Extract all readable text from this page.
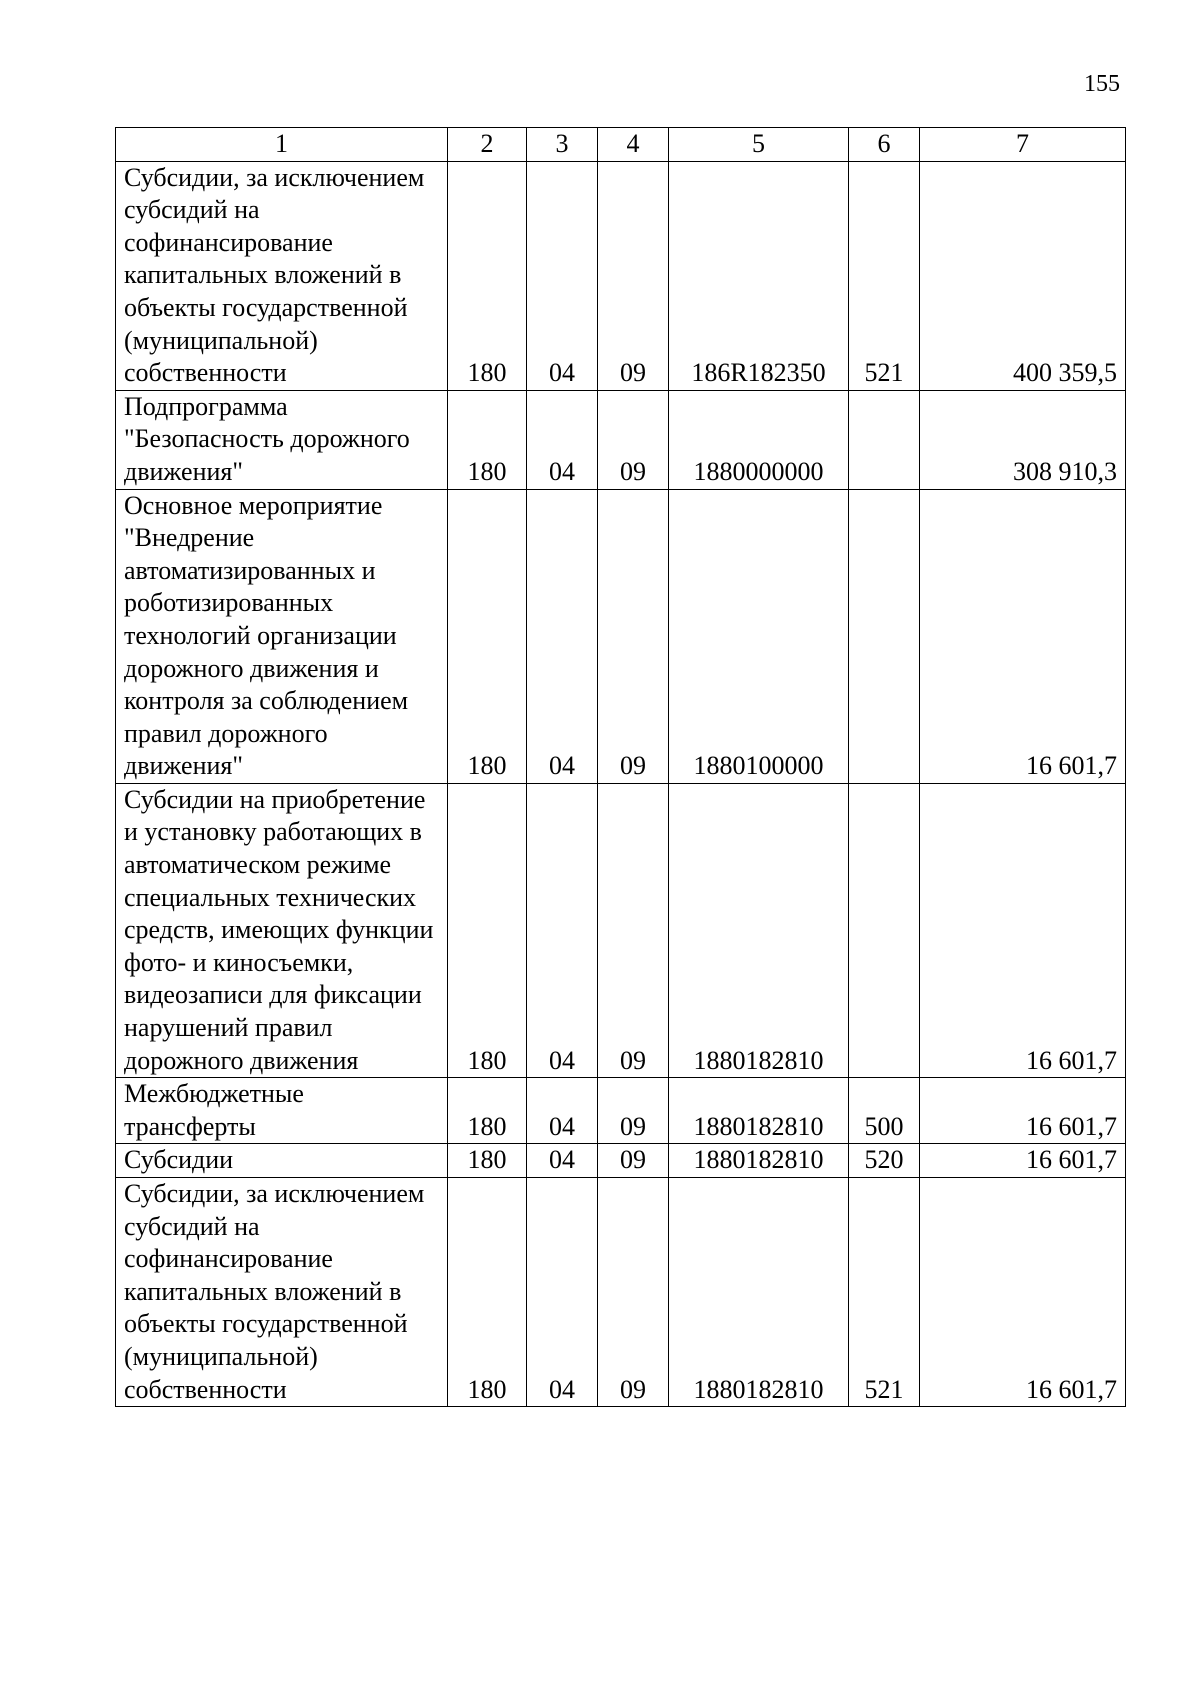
155
1	2	3	4	5	6	7
Субсидии, за исключением субсидий на софинансирование капитальных вложений в объекты государственной (муниципальной) собственности	180	04	09	186R182350	521	400 359,5
Подпрограмма "Безопасность дорожного движения"	180	04	09	1880000000		308 910,3
Основное мероприятие "Внедрение автоматизированных и роботизированных технологий организации дорожного движения и контроля за соблюдением правил дорожного движения"	180	04	09	1880100000		16 601,7
Субсидии на приобретение и установку работающих в автоматическом режиме специальных технических средств, имеющих функции фото- и киносъемки, видеозаписи для фиксации нарушений правил дорожного движения	180	04	09	1880182810		16 601,7
Межбюджетные трансферты	180	04	09	1880182810	500	16 601,7
Субсидии	180	04	09	1880182810	520	16 601,7
Субсидии, за исключением субсидий на софинансирование капитальных вложений в объекты государственной (муниципальной) собственности	180	04	09	1880182810	521	16 601,7
